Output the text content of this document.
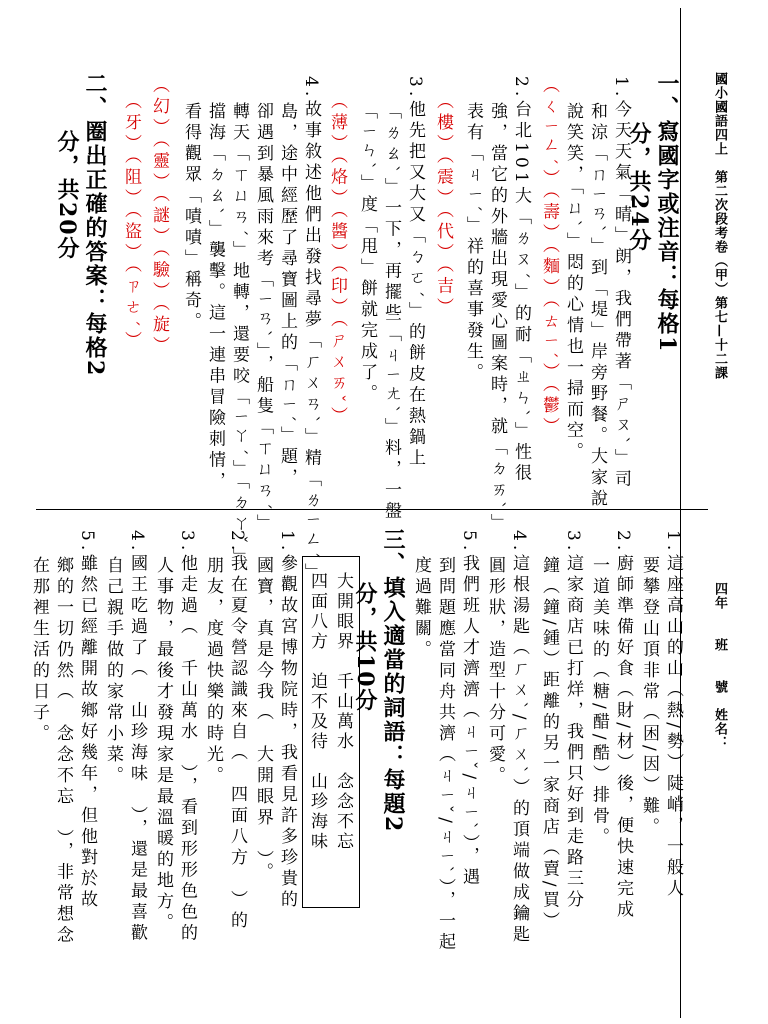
國小國語四上　第二次段考卷（甲）第七—十二課
四年　　班　　號　姓名：
一、寫國字或注音：每格1
分，共24分
1.今天天氣「晴」朗，我們帶著「ㄕㄡˋ」司
和涼「ㄇㄧㄢˋ」到「堤」岸旁野餐。大家說
說笑笑，「ㄩˋ」悶的心情也一掃而空。
（ㄑㄧㄥˊ）（壽）（麵）（ㄊㄧˊ）（鬱）
2.台北101大「ㄌㄡˊ」的耐「ㄓㄣˋ」性很
強，當它的外牆出現愛心圖案時，就「ㄉㄞˋ」
表有「ㄐㄧˊ」祥的喜事發生。
（樓）（震）（代）（吉）
3.他先把又大又「ㄅㄛˊ」的餅皮在熱鍋上
「ㄌㄠˋ」一下，再擺些「ㄐㄧㄤˋ」料，一盤
「ㄧㄣˋ」度「甩」餅就完成了。
（薄）（烙）（醬）（印）（ㄕㄨㄞˇ）
4.故事敘述他們出發找尋夢「ㄏㄨㄢˋ」精「ㄌㄧㄥˊ」
島，途中經歷了尋寶圖上的「ㄇㄧˊ」題，
卻遇到暴風雨來考「ㄧㄢˋ」，船隻「ㄒㄩㄢˊ」
轉天「ㄒㄩㄢˊ」地轉，還要咬「ㄧㄚˊ」「ㄉㄚˇ」
擋海「ㄉㄠˋ」襲擊。這一連串冒險刺情，
看得觀眾「嘖嘖」稱奇。
（幻）（靈）（謎）（驗）（旋）
（牙）（阻）（盜）（ㄗㄜˊ）
二、圈出正確的答案：每格2
分，共20分
1.這座高山的山（熱∕勢）陡峭，一般人
要攀登山頂非常（困∕因）難。
2.廚師準備好食（財∕材）後，便快速完成
一道美味的（糖∕醋∕酷）排骨。
3.這家商店已打烊，我們只好到走路三分
鐘（鐘∕鍾）距離的另一家商店（賣∕買）
4.這根湯匙（ㄏㄨˋ∕ㄏㄨˋ）的頂端做成鑰匙
圓形狀，造型十分可愛。
5.我們班人才濟濟（ㄐㄧˇ∕ㄐㄧˋ），遇
到問題應當同舟共濟（ㄐㄧˇ∕ㄐㄧˋ），一起
度過難關。
三、填入適當的詞語：每題2
分，共10分
大開眼界　千山萬水　念念不忘
四面八方　迫不及待　山珍海味
1.參觀故宮博物院時，我看見許多珍貴的
國寶，真是今我（　大開眼界　）。
2.我在夏令營認識來自（　四面八方　）的
朋友，度過快樂的時光。
3.他走過（　千山萬水　），看到形形色色的
人事物，最後才發現家是最溫暖的地方。
4.國王吃過了（　山珍海味　），還是最喜歡
自己親手做的家常小菜。
5.雖然已經離開故鄉好幾年，但他對於故
鄉的一切仍然（　念念不忘　），非常想念
在那裡生活的日子。
